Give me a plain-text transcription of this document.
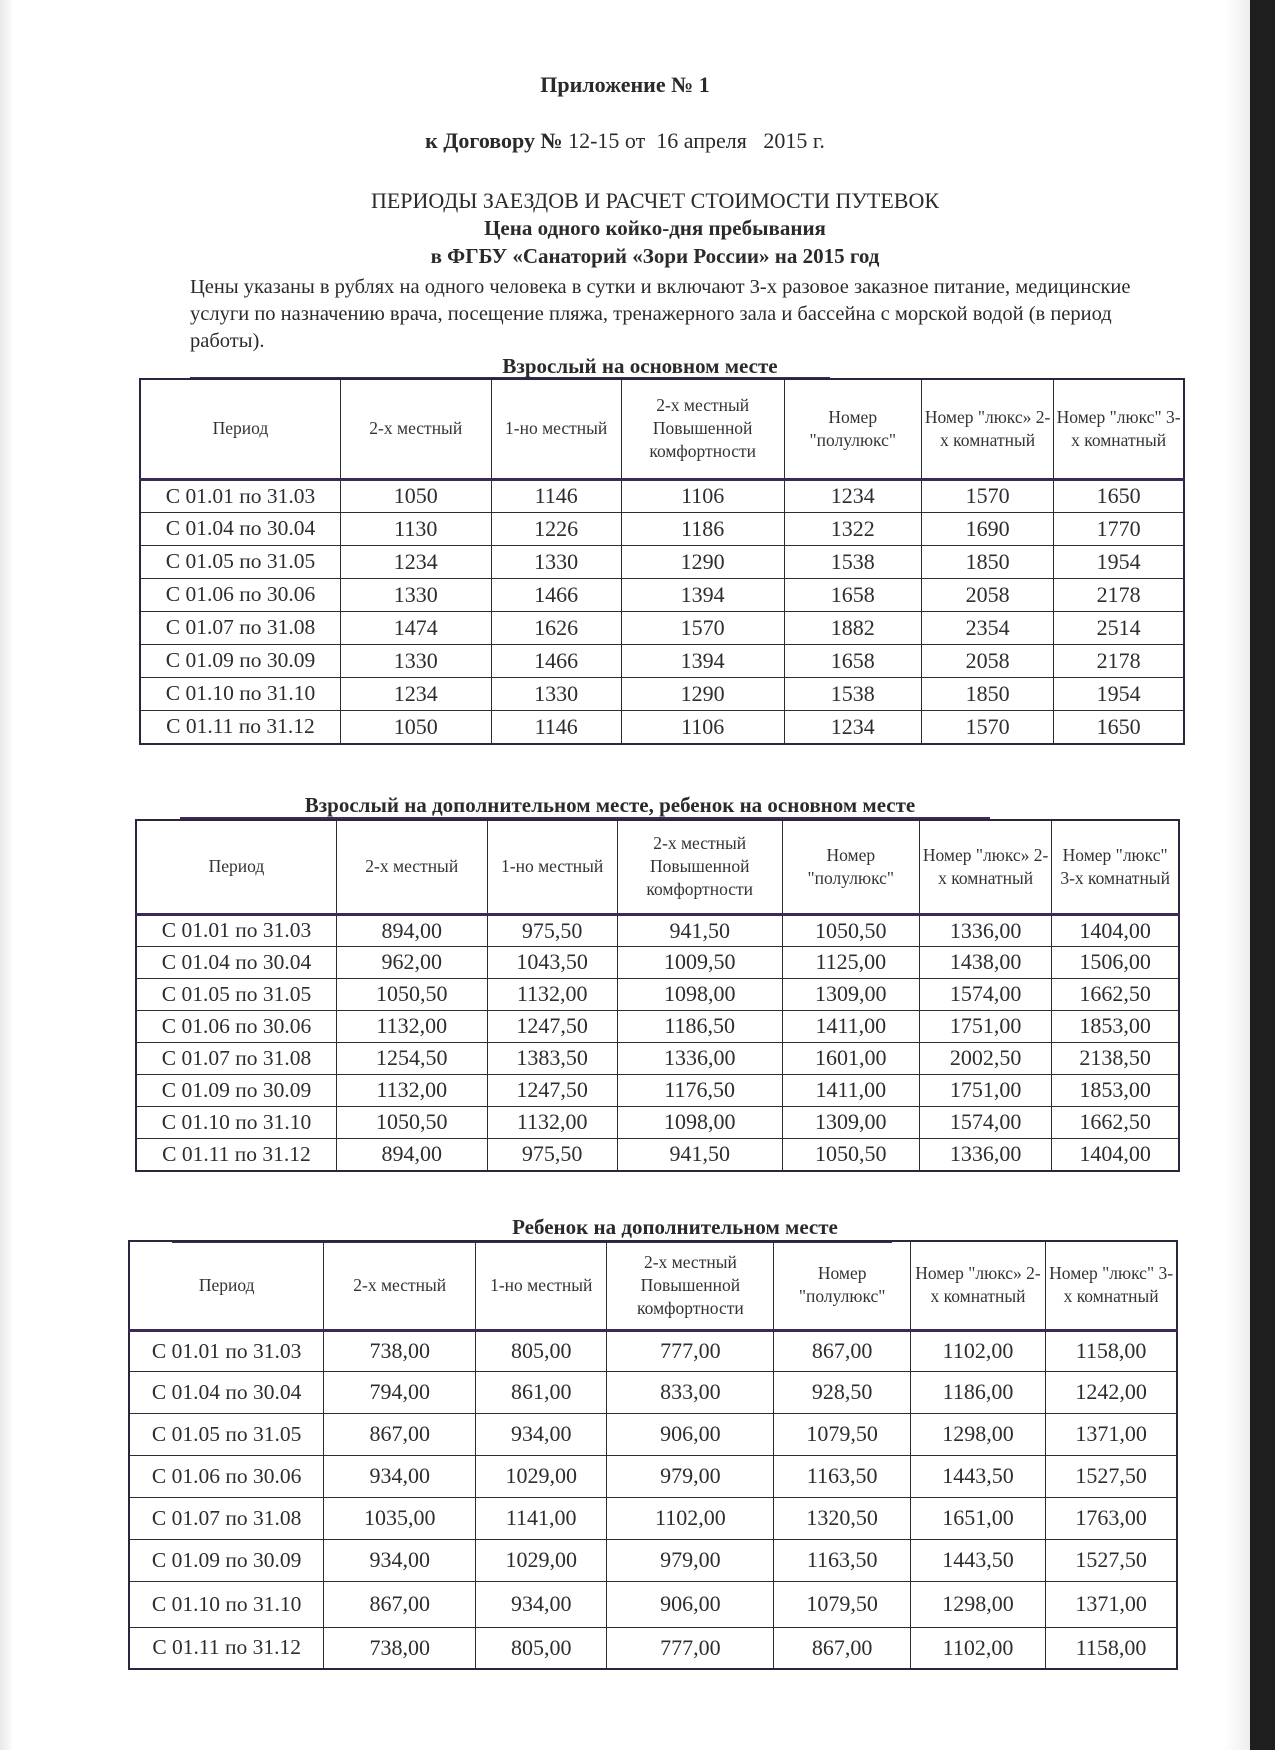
Приложение № 1
к Договору № 12-15 от  16 апреля   2015 г.
ПЕРИОДЫ ЗАЕЗДОВ И РАСЧЕТ СТОИМОСТИ ПУТЕВОК
Цена одного койко-дня пребывания
в ФГБУ «Санаторий «Зори России» на 2015 год
Цены указаны в рублях на одного человека в сутки и включают 3-х разовое заказное питание, медицинские услуги по назначению врача, посещение пляжа, тренажерного зала и бассейна с морской водой (в период работы).
Взрослый на основном месте
Период	2-х местный	1-но местный	2-х местный Повышенной комфортности	Номер "полулюкс"	Номер "люкс» 2-х комнатный	Номер "люкс" 3-х комнатный
С 01.01 по 31.03	1050	1146	1106	1234	1570	1650
С 01.04 по 30.04	1130	1226	1186	1322	1690	1770
С 01.05 по 31.05	1234	1330	1290	1538	1850	1954
С 01.06 по 30.06	1330	1466	1394	1658	2058	2178
С 01.07 по 31.08	1474	1626	1570	1882	2354	2514
С 01.09 по 30.09	1330	1466	1394	1658	2058	2178
С 01.10 по 31.10	1234	1330	1290	1538	1850	1954
С 01.11 по 31.12	1050	1146	1106	1234	1570	1650
Взрослый на дополнительном месте, ребенок на основном месте
Период	2-х местный	1-но местный	2-х местный Повышенной комфортности	Номер "полулюкс"	Номер "люкс» 2-х комнатный	Номер "люкс" 3-х комнатный
С 01.01 по 31.03	894,00	975,50	941,50	1050,50	1336,00	1404,00
С 01.04 по 30.04	962,00	1043,50	1009,50	1125,00	1438,00	1506,00
С 01.05 по 31.05	1050,50	1132,00	1098,00	1309,00	1574,00	1662,50
С 01.06 по 30.06	1132,00	1247,50	1186,50	1411,00	1751,00	1853,00
С 01.07 по 31.08	1254,50	1383,50	1336,00	1601,00	2002,50	2138,50
С 01.09 по 30.09	1132,00	1247,50	1176,50	1411,00	1751,00	1853,00
С 01.10 по 31.10	1050,50	1132,00	1098,00	1309,00	1574,00	1662,50
С 01.11 по 31.12	894,00	975,50	941,50	1050,50	1336,00	1404,00
Ребенок на дополнительном месте
Период	2-х местный	1-но местный	2-х местный Повышенной комфортности	Номер "полулюкс"	Номер "люкс» 2-х комнатный	Номер "люкс" 3-х комнатный
С 01.01 по 31.03	738,00	805,00	777,00	867,00	1102,00	1158,00
С 01.04 по 30.04	794,00	861,00	833,00	928,50	1186,00	1242,00
С 01.05 по 31.05	867,00	934,00	906,00	1079,50	1298,00	1371,00
С 01.06 по 30.06	934,00	1029,00	979,00	1163,50	1443,50	1527,50
С 01.07 по 31.08	1035,00	1141,00	1102,00	1320,50	1651,00	1763,00
С 01.09 по 30.09	934,00	1029,00	979,00	1163,50	1443,50	1527,50
С 01.10 по 31.10	867,00	934,00	906,00	1079,50	1298,00	1371,00
С 01.11 по 31.12	738,00	805,00	777,00	867,00	1102,00	1158,00
